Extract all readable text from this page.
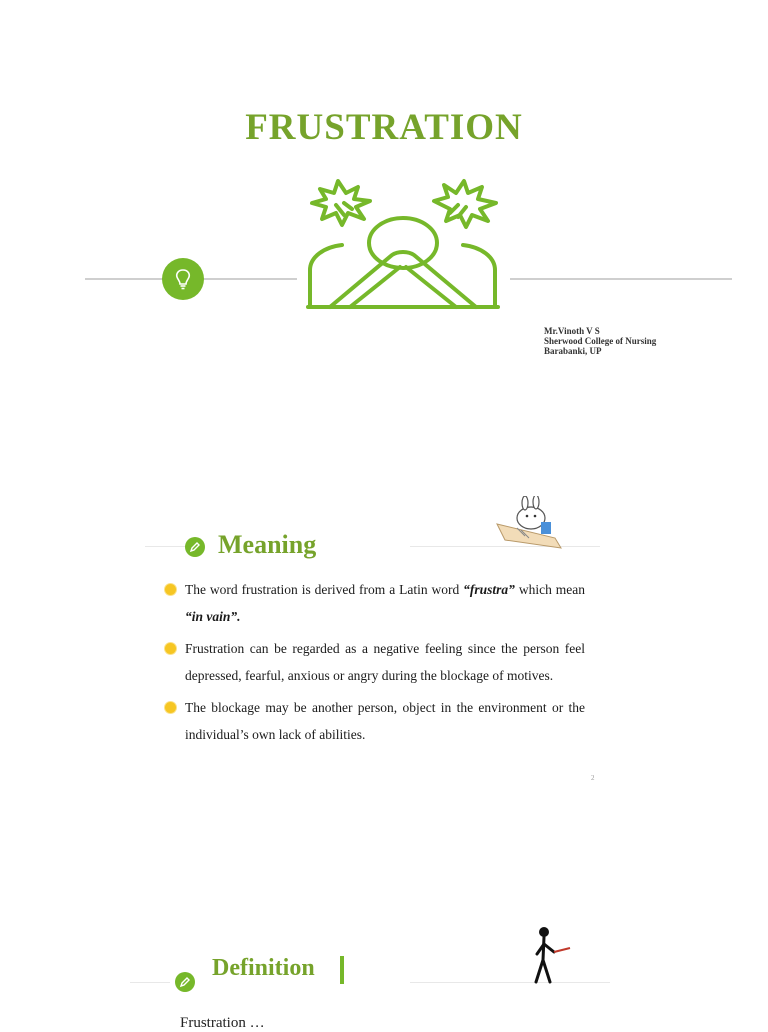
FRUSTRATION
Mr.Vinoth V S
Sherwood College of Nursing
Barabanki, UP
Meaning
The word frustration is derived from a Latin word “frustra” which mean “in vain”.
Frustration can be regarded as a negative feeling since the person feel depressed, fearful, anxious or angry during the blockage of motives.
The blockage may be another person, object in the environment or the individual’s own lack of abilities.
2
Definition
Frustration …
